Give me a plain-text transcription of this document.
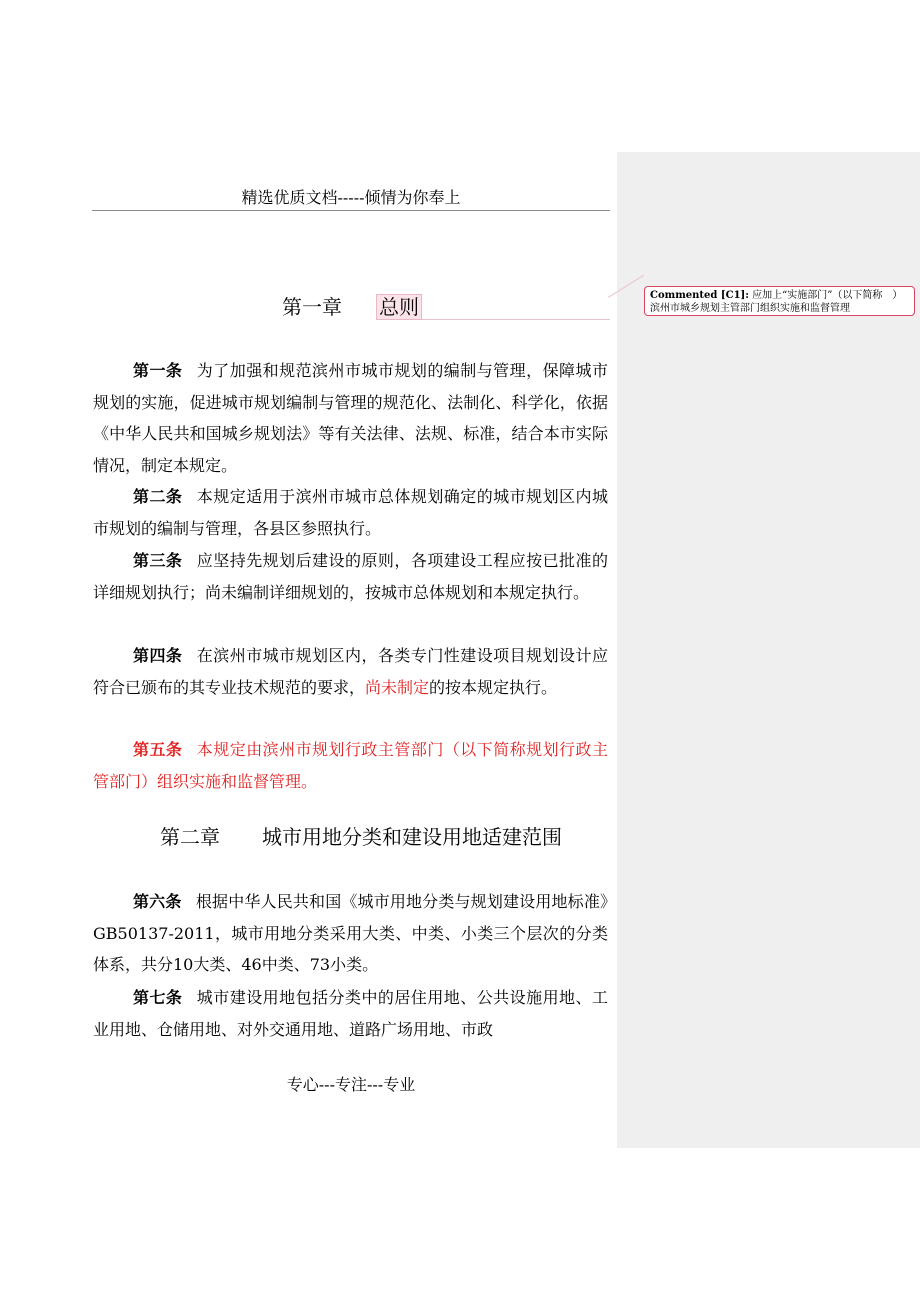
Commented [C1]: 应加上“实施部门”（以下简称　）滨州市城乡规划主管部门组织实施和监督管理
精选优质文档-----倾情为你奉上
第一章 总则
第一条 为了加强和规范滨州市城市规划的编制与管理，保障城市规划的实施，促进城市规划编制与管理的规范化、法制化、科学化，依据《中华人民共和国城乡规划法》等有关法律、法规、标准，结合本市实际情况，制定本规定。
第二条 本规定适用于滨州市城市总体规划确定的城市规划区内城市规划的编制与管理，各县区参照执行。
第三条 应坚持先规划后建设的原则，各项建设工程应按已批准的详细规划执行；尚未编制详细规划的，按城市总体规划和本规定执行。
第四条 在滨州市城市规划区内，各类专门性建设项目规划设计应符合已颁布的其专业技术规范的要求，尚未制定的按本规定执行。
第五条 本规定由滨州市规划行政主管部门（以下简称规划行政主管部门）组织实施和监督管理。
第二章 城市用地分类和建设用地适建范围
第六条 根据中华人民共和国《城市用地分类与规划建设用地标准》GB50137-2011，城市用地分类采用大类、中类、小类三个层次的分类体系，共分10大类、46中类、73小类。
第七条 城市建设用地包括分类中的居住用地、公共设施用地、工业用地、仓储用地、对外交通用地、道路广场用地、市政
专心---专注---专业
